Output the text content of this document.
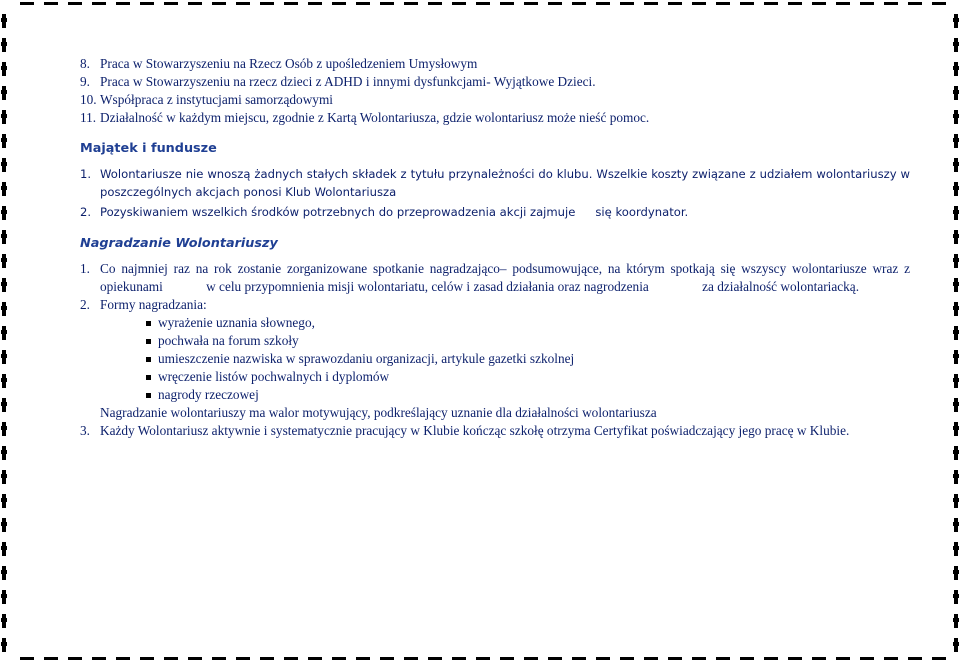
8. Praca w Stowarzyszeniu na Rzecz Osób z upośledzeniem Umysłowym
9. Praca w Stowarzyszeniu na rzecz dzieci z ADHD i innymi dysfunkcjami- Wyjątkowe Dzieci.
10. Współpraca z instytucjami samorządowymi
11. Działalność w każdym miejscu, zgodnie z Kartą Wolontariusza, gdzie wolontariusz może nieść pomoc.
Majątek i fundusze
1. Wolontariusze nie wnoszą żadnych stałych składek z tytułu przynależności do klubu. Wszelkie koszty związane z udziałem wolontariuszy w poszczególnych akcjach ponosi Klub Wolontariusza
2. Pozyskiwaniem wszelkich środków potrzebnych do przeprowadzenia akcji zajmuje się koordynator.
Nagradzanie Wolontariuszy
1. Co najmniej raz na rok zostanie zorganizowane spotkanie nagradzająco– podsumowujące, na którym spotkają się wszyscy wolontariusze wraz z opiekunami	w celu przypomnienia misji wolontariatu, celów i zasad działania oraz nagrodzenia	za działalność wolontariacką.
2. Formy nagradzania:
wyrażenie uznania słownego,
pochwała na forum szkoły
umieszczenie nazwiska w sprawozdaniu organizacji, artykule gazetki szkolnej
wręczenie listów pochwalnych i dyplomów
nagrody rzeczowej
Nagradzanie wolontariuszy ma walor motywujący, podkreślający uznanie dla działalności wolontariusza
3. Każdy Wolontariusz aktywnie i systematycznie pracujący w Klubie kończąc szkołę otrzyma Certyfikat poświadczający jego pracę w Klubie.
